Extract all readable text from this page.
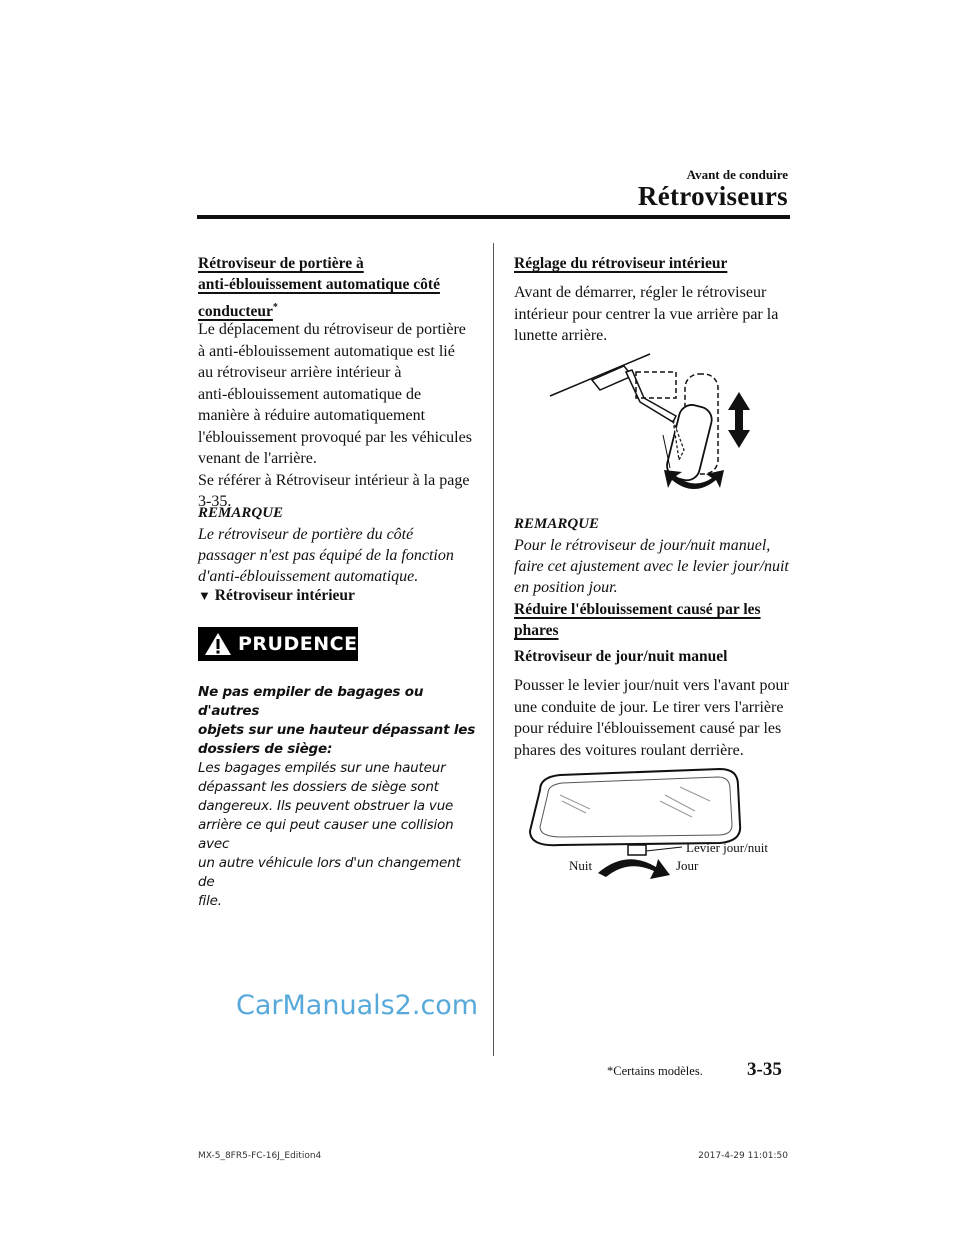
Avant de conduire
Rétroviseurs
Rétroviseur de portière à
anti-éblouissement automatique côté
conducteur*

Le déplacement du rétroviseur de portière

à anti-éblouissement automatique est lié

au rétroviseur arrière intérieur à

anti-éblouissement automatique de

manière à réduire automatiquement

l'éblouissement provoqué par les véhicules

venant de l'arrière.

Se référer à Rétroviseur intérieur à la page

3-35.

REMARQUE

Le rétroviseur de portière du côté

passager n'est pas équipé de la fonction

d'anti-éblouissement automatique.

▼ Rétroviseur intérieur
PRUDENCE

Ne pas empiler de bagages ou d'autres

objets sur une hauteur dépassant les

dossiers de siège:

Les bagages empilés sur une hauteur

dépassant les dossiers de siège sont

dangereux. Ils peuvent obstruer la vue

arrière ce qui peut causer une collision avec

un autre véhicule lors d'un changement de

file.

Réglage du rétroviseur intérieur

Avant de démarrer, régler le rétroviseur

intérieur pour centrer la vue arrière par la

lunette arrière.

REMARQUE

Pour le rétroviseur de jour/nuit manuel,

faire cet ajustement avec le levier jour/nuit

en position jour.

Réduire l'éblouissement causé par les
phares
Rétroviseur de jour/nuit manuel

Pousser le levier jour/nuit vers l'avant pour

une conduite de jour. Le tirer vers l'arrière

pour réduire l'éblouissement causé par les

phares des voitures roulant derrière.

Levier jour/nuit
Nuit	Jour
CarManuals2.com
*Certains modèles. 3-35
MX-5_8FR5-FC-16J_Edition4	2017-4-29 11:01:50
